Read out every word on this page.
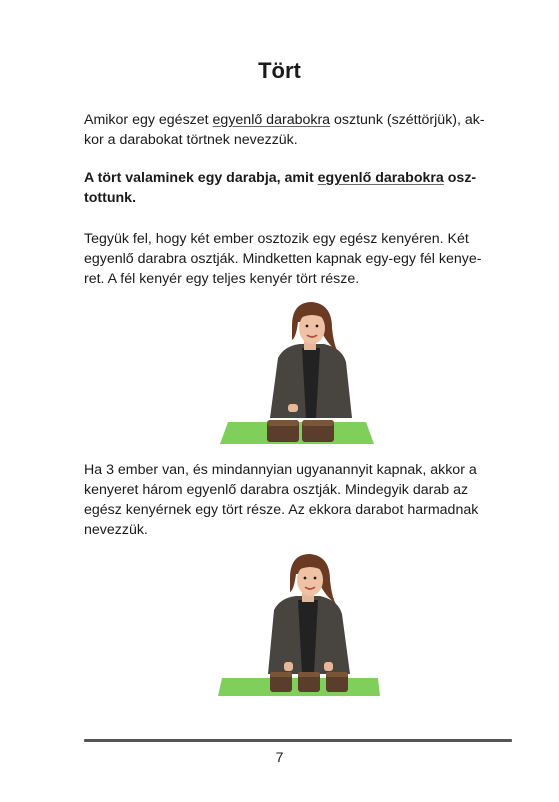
Tört

Amikor egy egészet egyenlő darabokra osztunk (széttörjük), ak-
kor a darabokat törtnek nevezzük.

A tört valaminek egy darabja, amit egyenlő darabokra osz-
tottunk.

Tegyük fel, hogy két ember osztozik egy egész kenyéren. Két
egyenlő darabra osztják. Mindketten kapnak egy-egy fél kenye-
ret. A fél kenyér egy teljes kenyér tört része.

Ha 3 ember van, és mindannyian ugyanannyit kapnak, akkor a
kenyeret három egyenlő darabra osztják. Mindegyik darab az
egész kenyérnek egy tört része. Az ekkora darabot harmadnak
nevezzük.

7
